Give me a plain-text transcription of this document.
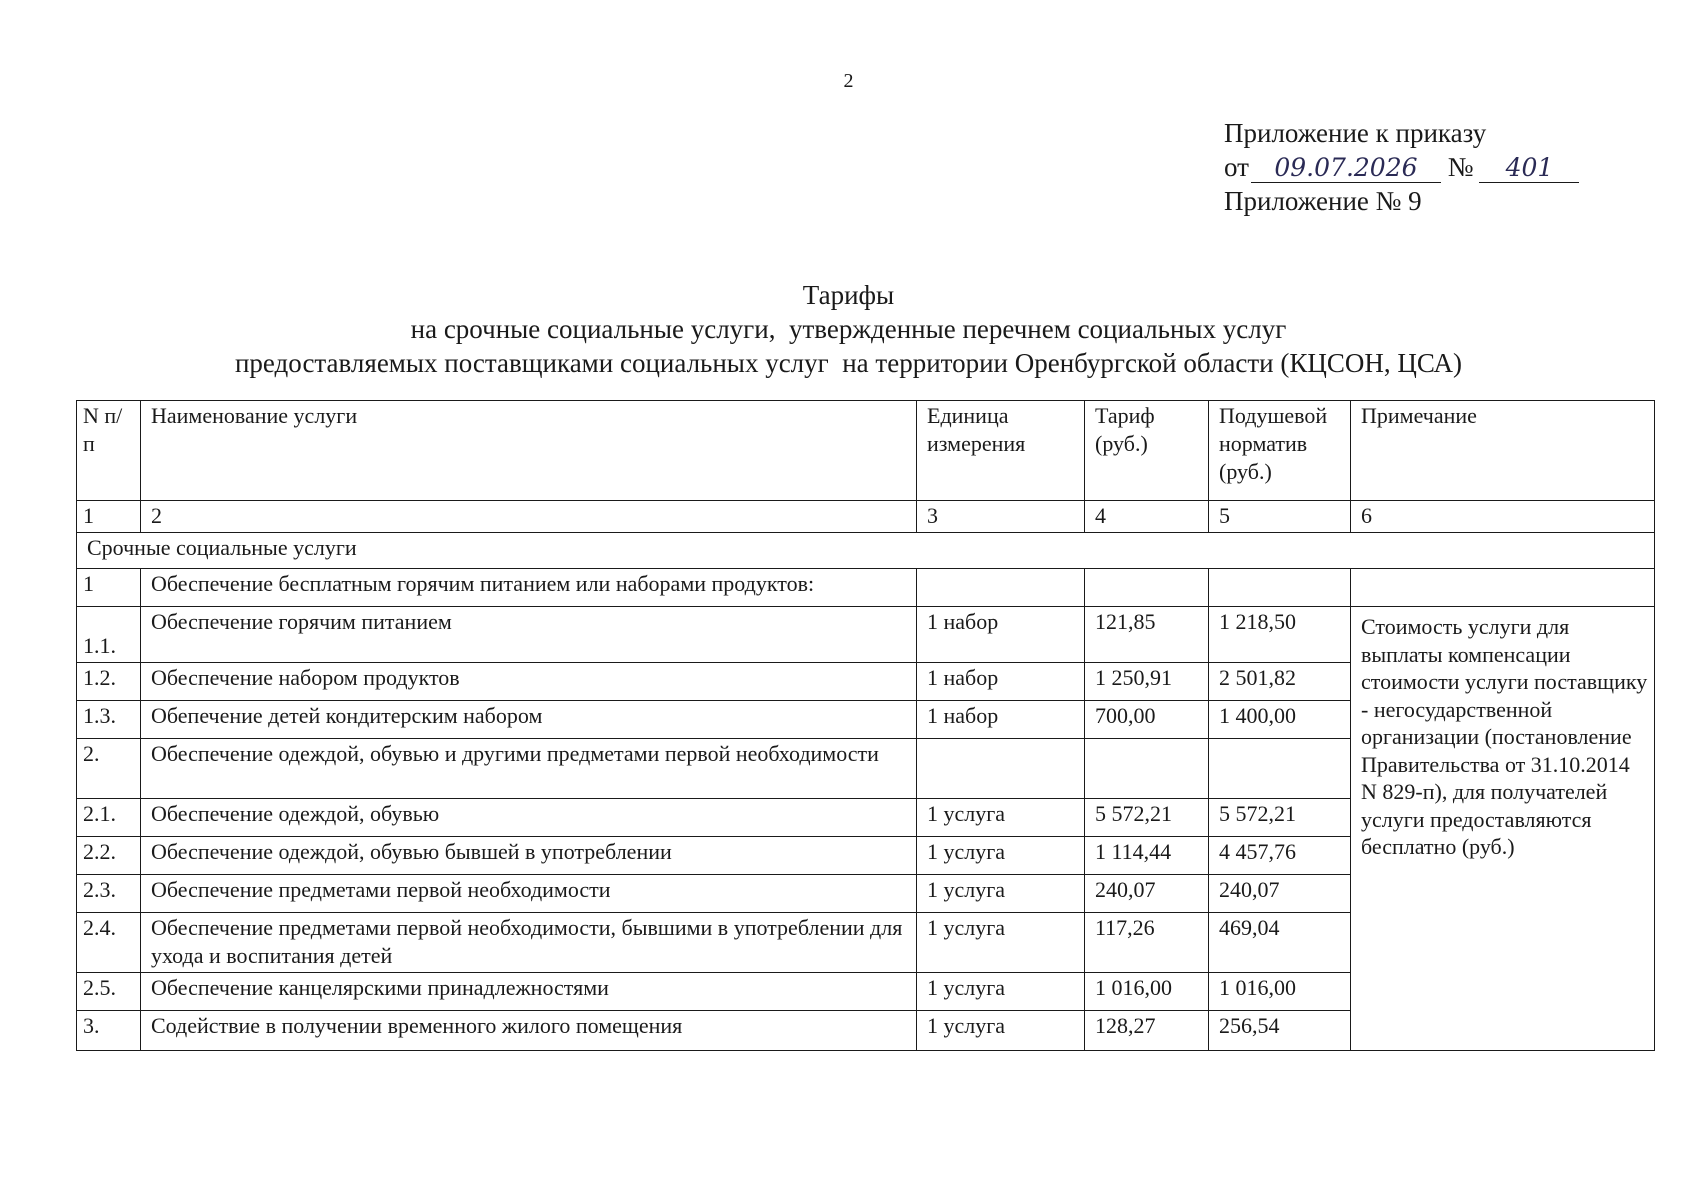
2
Приложение к приказу
от 09.07.2026 № 401
Приложение № 9
Тарифы
на срочные социальные услуги,  утвержденные перечнем социальных услуг
предоставляемых поставщиками социальных услуг  на территории Оренбургской области (КЦСОН, ЦСА)
N п/п	Наименование услуги	Единица измерения	Тариф (руб.)	Подушевой норматив (руб.)	Примечание
1	2	3	4	5	6
Срочные социальные услуги					
1	Обеспечение бесплатным горячим питанием или наборами продуктов:				
1.1.	Обеспечение горячим питанием	1 набор	121,85	1 218,50	Стоимость услуги для выплаты компенсации стоимости услуги поставщику - негосударственной организации (постановление Правительства от 31.10.2014 N 829-п), для получателей услуги предоставляются бесплатно (руб.)
1.2.	Обеспечение набором продуктов	1 набор	1 250,91	2 501,82	
1.3.	Обепечение детей кондитерским набором	1 набор	700,00	1 400,00	
2.	Обеспечение одеждой, обувью и другими предметами первой необходимости				
2.1.	Обеспечение одеждой, обувью	1 услуга	5 572,21	5 572,21	
2.2.	Обеспечение одеждой, обувью бывшей в употреблении	1 услуга	1 114,44	4 457,76	
2.3.	Обеспечение предметами первой необходимости	1 услуга	240,07	240,07	
2.4.	Обеспечение предметами первой необходимости, бывшими в употреблении для ухода и воспитания детей	1 услуга	117,26	469,04	
2.5.	Обеспечение канцелярскими принадлежностями	1 услуга	1 016,00	1 016,00	
3.	Содействие в получении временного жилого помещения	1 услуга	128,27	256,54	
